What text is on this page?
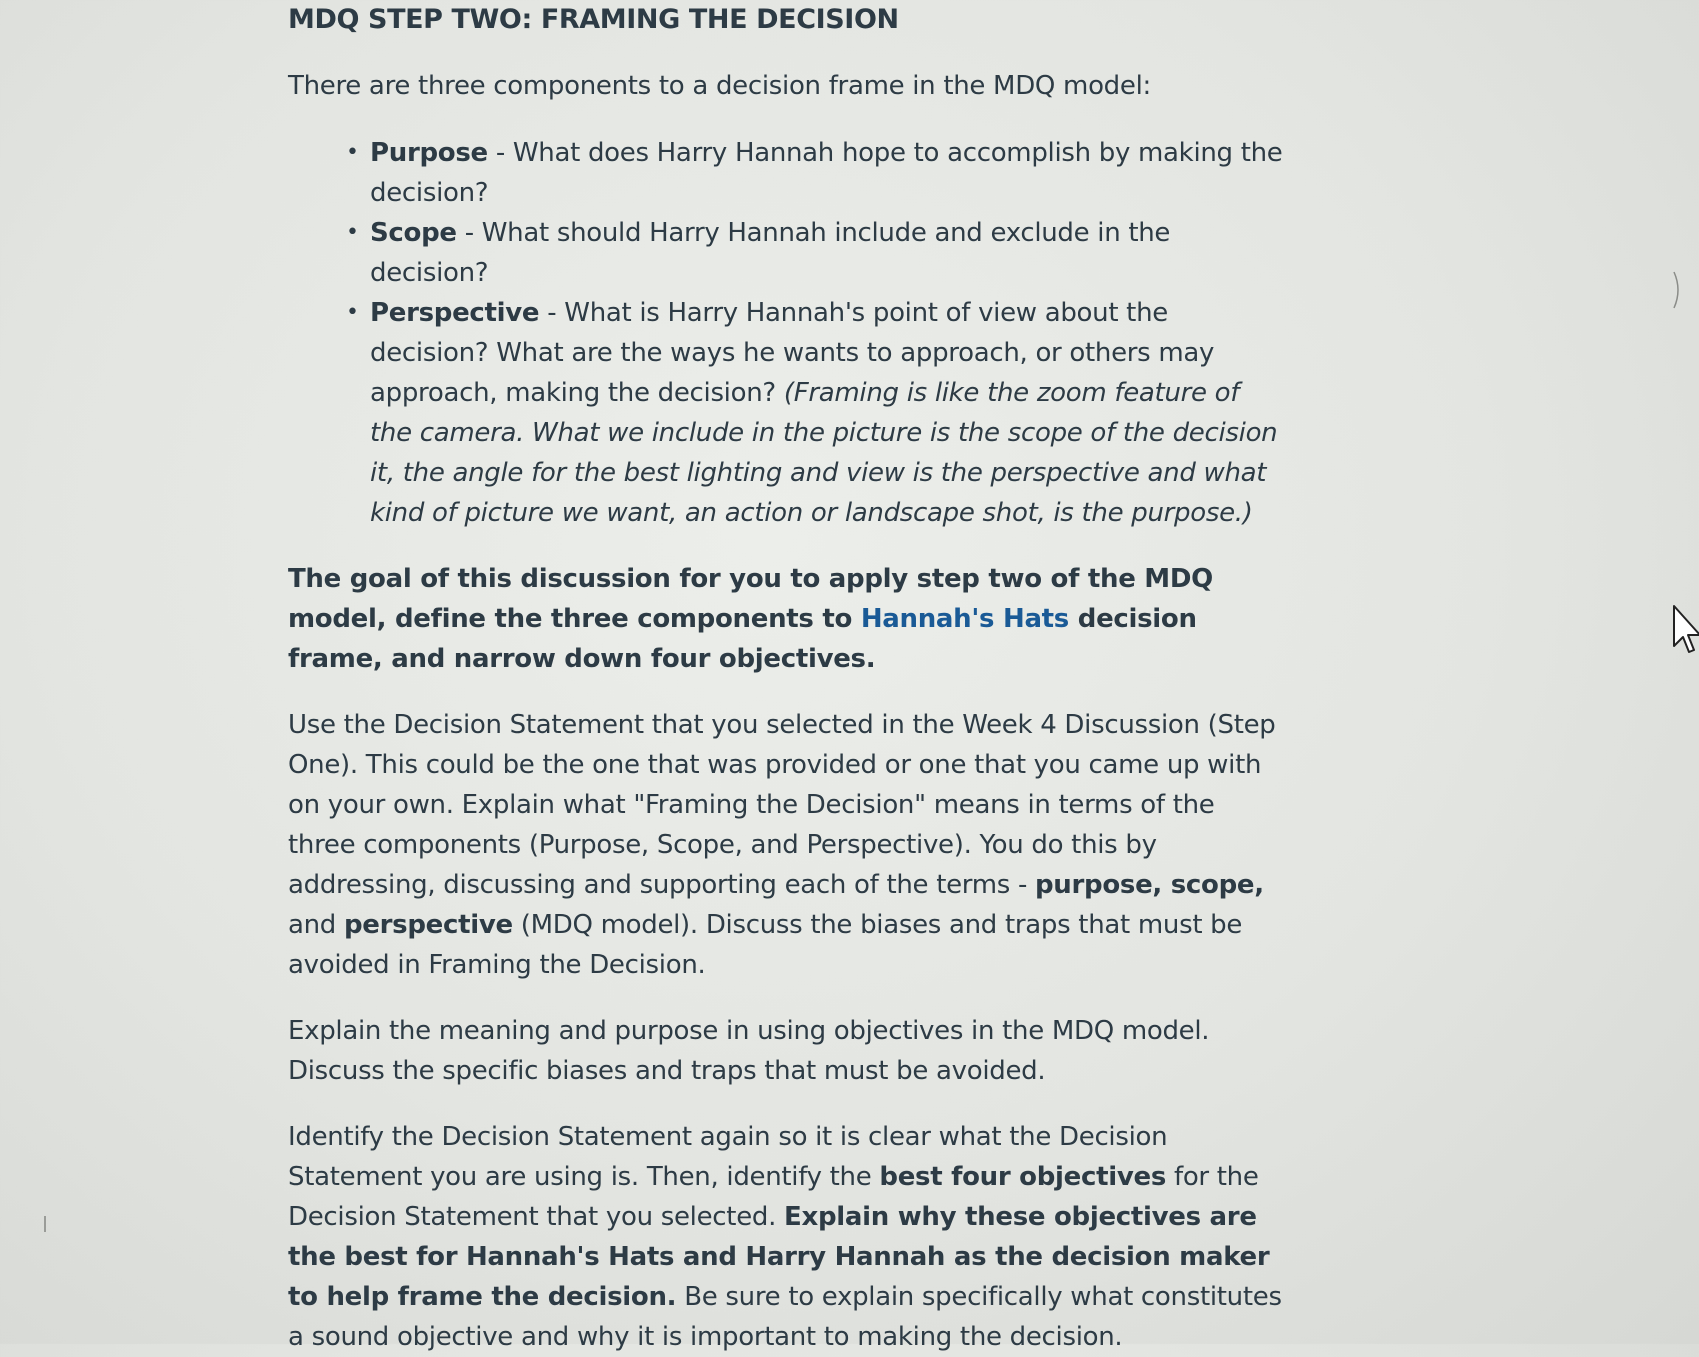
MDQ STEP TWO: FRAMING THE DECISION

There are three components to a decision frame in the MDQ model:

• Purpose - What does Harry Hannah hope to accomplish by making the decision?
• Scope - What should Harry Hannah include and exclude in the decision?
• Perspective - What is Harry Hannah's point of view about the decision? What are the ways he wants to approach, or others may approach, making the decision? (Framing is like the zoom feature of the camera. What we include in the picture is the scope of the decision it, the angle for the best lighting and view is the perspective and what kind of picture we want, an action or landscape shot, is the purpose.)

The goal of this discussion for you to apply step two of the MDQ model, define the three components to Hannah's Hats decision frame, and narrow down four objectives.

Use the Decision Statement that you selected in the Week 4 Discussion (Step One). This could be the one that was provided or one that you came up with on your own. Explain what "Framing the Decision" means in terms of the three components (Purpose, Scope, and Perspective). You do this by addressing, discussing and supporting each of the terms - purpose, scope, and perspective (MDQ model). Discuss the biases and traps that must be avoided in Framing the Decision.

Explain the meaning and purpose in using objectives in the MDQ model. Discuss the specific biases and traps that must be avoided.

Identify the Decision Statement again so it is clear what the Decision Statement you are using is. Then, identify the best four objectives for the Decision Statement that you selected. Explain why these objectives are the best for Hannah's Hats and Harry Hannah as the decision maker to help frame the decision. Be sure to explain specifically what constitutes a sound objective and why it is important to making the decision.
